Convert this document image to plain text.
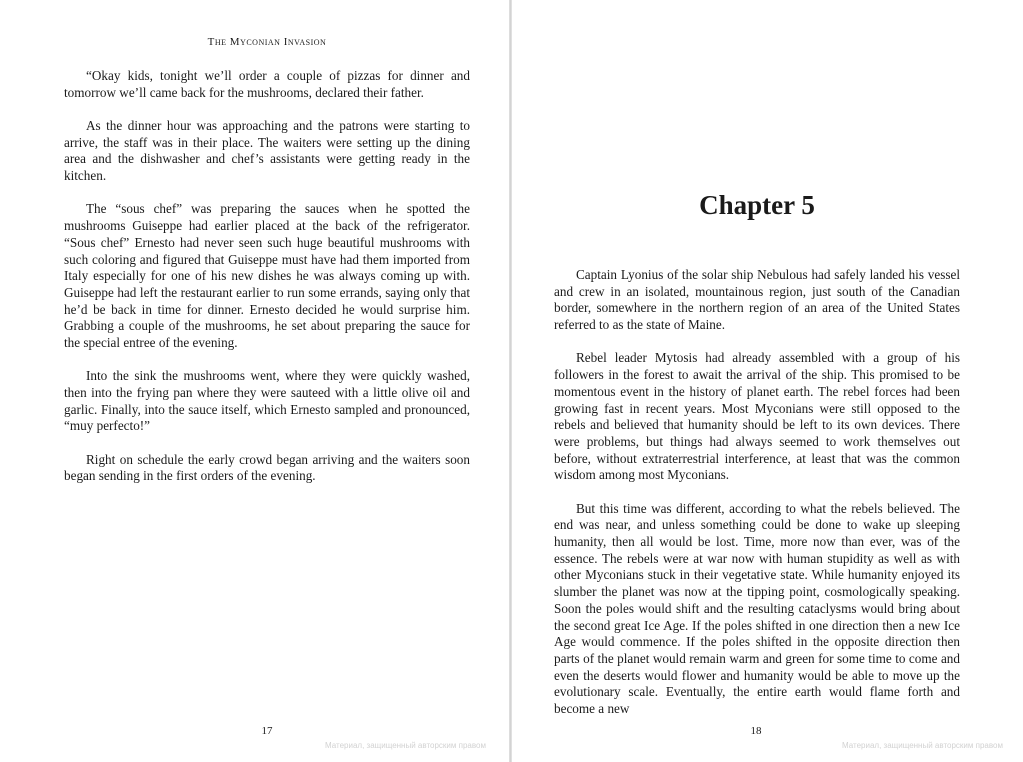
The Myconian Invasion

“Okay kids, tonight we’ll order a couple of pizzas for dinner and tomorrow we’ll came back for the mushrooms, declared their father.

As the dinner hour was approaching and the patrons were starting to arrive, the staff was in their place. The waiters were setting up the dining area and the dishwasher and chef’s assistants were getting ready in the kitchen.

The “sous chef” was preparing the sauces when he spotted the mushrooms Guiseppe had earlier placed at the back of the refrigerator. “Sous chef” Ernesto had never seen such huge beautiful mushrooms with such coloring and figured that Guiseppe must have had them imported from Italy especially for one of his new dishes he was always coming up with. Guiseppe had left the restaurant earlier to run some errands, saying only that he’d be back in time for dinner. Ernesto decided he would surprise him. Grabbing a couple of the mushrooms, he set about preparing the sauce for the special entree of the evening.

Into the sink the mushrooms went, where they were quickly washed, then into the frying pan where they were sauteed with a little olive oil and garlic. Finally, into the sauce itself, which Ernesto sampled and pronounced, “muy perfecto!”

Right on schedule the early crowd began arriving and the waiters soon began sending in the first orders of the evening.

17
Материал, защищенный авторским правом
Chapter 5

Captain Lyonius of the solar ship Nebulous had safely landed his vessel and crew in an isolated, mountainous region, just south of the Canadian border, somewhere in the northern region of an area of the United States referred to as the state of Maine.

Rebel leader Mytosis had already assembled with a group of his followers in the forest to await the arrival of the ship. This promised to be momentous event in the history of planet earth. The rebel forces had been growing fast in recent years. Most Myconians were still opposed to the rebels and believed that humanity should be left to its own devices. There were problems, but things had always seemed to work themselves out before, without extraterrestrial interference, at least that was the common wisdom among most Myconians.

But this time was different, according to what the rebels believed. The end was near, and unless something could be done to wake up sleeping humanity, then all would be lost. Time, more now than ever, was of the essence. The rebels were at war now with human stupidity as well as with other Myconians stuck in their vegetative state. While humanity enjoyed its slumber the planet was now at the tipping point, cosmologically speaking. Soon the poles would shift and the resulting cataclysms would bring about the second great Ice Age. If the poles shifted in one direction then a new Ice Age would commence. If the poles shifted in the opposite direction then parts of the planet would remain warm and green for some time to come and even the deserts would flower and humanity would be able to move up the evolutionary scale. Eventually, the entire earth would flame forth and become a new

18
Материал, защищенный авторским правом
